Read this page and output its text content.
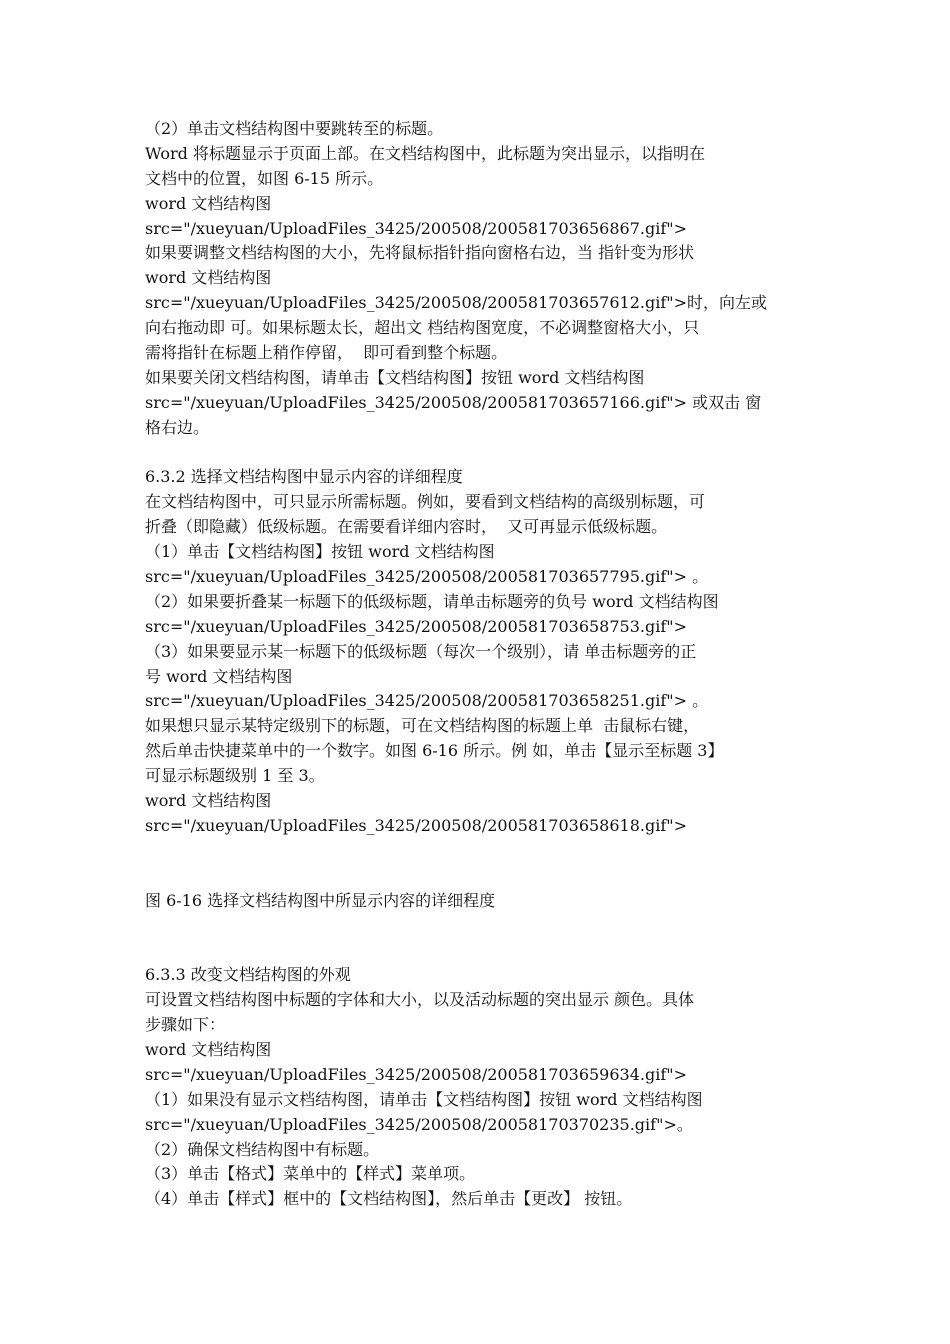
（2）单击文档结构图中要跳转至的标题。
Word 将标题显示于页面上部。在文档结构图中，此标题为突出显示，以指明在
文档中的位置，如图 6-15 所示。
word 文档结构图
src="/xueyuan/UploadFiles_3425/200508/20058170365686‌7.gif">
如果要调整文档结构图的大小，先将鼠标指针指向窗格右边，当 指针变为形状
word 文档结构图
src="/xueyuan/UploadFiles_3425/200508/20058170365761‌2.gif">时，向左或
向右拖动即 可。如果标题太长，超出文 档结构图宽度，不必调整窗格大小，只
需将指针在标题上稍作停留，  即可看到整个标题。
如果要关闭文档结构图，请单击【文档结构图】按钮 word 文档结构图
src="/xueyuan/UploadFiles_3425/200508/20058170365716‌6.gif"> 或双击 窗
格右边。
6.3.2 选择文档结构图中显示内容的详细程度
在文档结构图中，可只显示所需标题。例如，要看到文档结构的高级别标题，可
折叠（即隐藏）低级标题。在需要看详细内容时，  又可再显示低级标题。
（1）单击【文档结构图】按钮 word 文档结构图
src="/xueyuan/UploadFiles_3425/200508/20058170365779‌5.gif"> 。
（2）如果要折叠某一标题下的低级标题，请单击标题旁的负号 word 文档结构图
src="/xueyuan/UploadFiles_3425/200508/20058170365875‌3.gif">
（3）如果要显示某一标题下的低级标题（每次一个级别），请 单击标题旁的正
号 word 文档结构图
src="/xueyuan/UploadFiles_3425/200508/20058170365825‌1.gif"> 。
如果想只显示某特定级别下的标题，可在文档结构图的标题上单  击鼠标右键，
然后单击快捷菜单中的一个数字。如图 6-16 所示。例 如，单击【显示至标题 3】
可显示标题级别 1 至 3。
word 文档结构图
src="/xueyuan/UploadFiles_3425/200508/20058170365861‌8.gif">
图 6-16 选择文档结构图中所显示内容的详细程度
6.3.3 改变文档结构图的外观
可设置文档结构图中标题的字体和大小，以及活动标题的突出显示 颜色。具体
步骤如下：
word 文档结构图
src="/xueyuan/UploadFiles_3425/200508/20058170365963‌4.gif">
（1）如果没有显示文档结构图，请单击【文档结构图】按钮 word 文档结构图
src="/xueyuan/UploadFiles_3425/200508/20058170370235.gif">。
（2）确保文档结构图中有标题。
（3）单击【格式】菜单中的【样式】菜单项。
（4）单击【样式】框中的【文档结构图】，然后单击【更改】 按钮。
